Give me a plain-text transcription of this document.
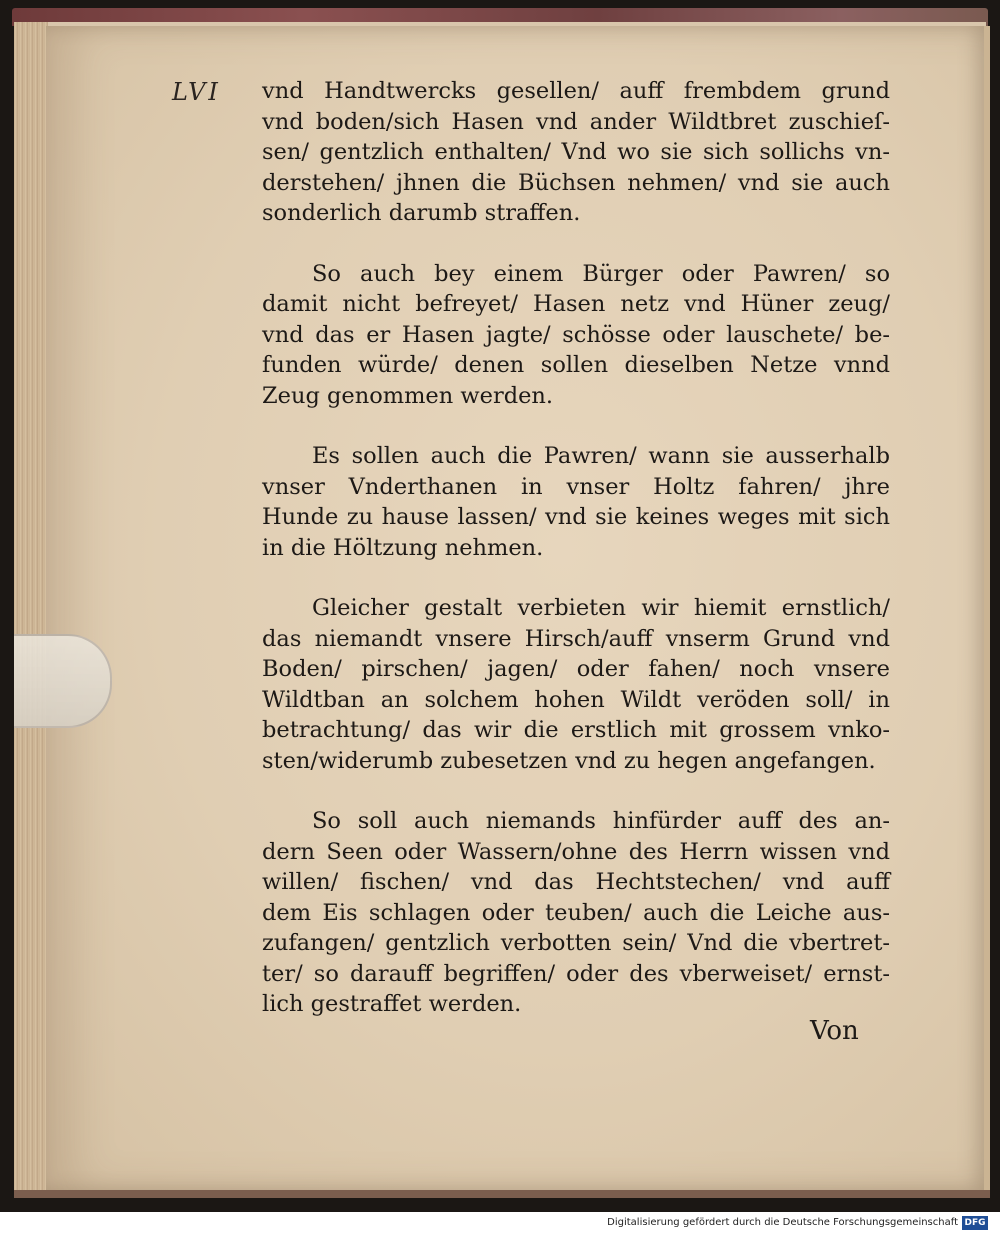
LVI vnd Handtwercks gesellen/ auff frembdem grund
vnd boden/sich Hasen vnd ander Wildtbret zuschieſ-
sen/ gentzlich enthalten/ Vnd wo sie sich sollichs vn-
derstehen/ jhnen die Büchsen nehmen/ vnd sie auch
sonderlich darumb straffen.
So auch bey einem Bürger oder Pawren/ so
damit nicht befreyet/ Hasen netz vnd Hüner zeug/
vnd das er Hasen jagte/ schösse oder lauschete/ be-
funden würde/ denen sollen dieselben Netze vnnd
Zeug genommen werden.
Es sollen auch die Pawren/ wann sie ausserhalb
vnser Vnderthanen in vnser Holtz fahren/ jhre
Hunde zu hause lassen/ vnd sie keines weges mit sich
in die Höltzung nehmen.
Gleicher gestalt verbieten wir hiemit ernstlich/
das niemandt vnsere Hirsch/auff vnserm Grund vnd
Boden/ pirschen/ jagen/ oder fahen/ noch vnsere
Wildtban an solchem hohen Wildt veröden soll/ in
betrachtung/ das wir die erstlich mit grossem vnko-
sten/widerumb zubesetzen vnd zu hegen angefangen.
So soll auch niemands hinfürder auff des an-
dern Seen oder Wassern/ohne des Herrn wissen vnd
willen/ fischen/ vnd das Hechtstechen/ vnd auff
dem Eis schlagen oder teuben/ auch die Leiche aus-
zufangen/ gentzlich verbotten sein/ Vnd die vbertret-
ter/ so darauff begriffen/ oder des vberweiset/ ernst-
lich gestraffet werden.
Von
Digitalisierung gefördert durch die Deutsche Forschungsgemeinschaft DFG
